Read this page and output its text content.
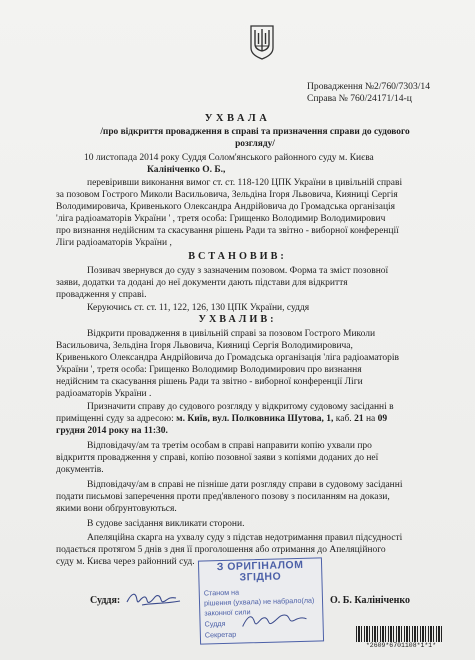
Провадження №2/760/7303/14
Справа № 760/24171/14-ц
УХВАЛА
/про відкриття провадження в справі та призначення справи до судового
розгляду/
10 листопада 2014 року Суддя Солом'янського районного суду м. Києва
Калініченко О. Б.,
перевіривши виконання вимог ст. ст. 118-120 ЦПК України в цивільній справі
за позовом Гострого Миколи Васильовича, Зельдіна Ігоря Львовича, Кияниці Сергія
Володимировича, Кривенького Олександра Андрійовича до Громадська організація
'ліга радіоаматорів України ' , третя особа: Грищенко Володимир Володимирович
про визнання недійсним та скасування рішень Ради та звітно - виборної конференції
Ліги радіоаматорів України ,
ВСТАНОВИВ:
Позивач звернувся до суду з зазначеним позовом. Форма та зміст позовної
заяви, додатки та додані до неї документи дають підстави для відкриття
провадження у справі.
Керуючись ст. ст. 11, 122, 126, 130 ЦПК України, суддя
УХВАЛИВ:
Відкрити провадження в цивільній справі за позовом Гострого Миколи
Васильовича, Зельдіна Ігоря Львовича, Кияниці Сергія Володимировича,
Кривенького Олександра Андрійовича до Громадська організація 'ліга радіоаматорів
України ', третя особа: Грищенко Володимир Володимирович про визнання
недійсним та скасування рішень Ради та звітно - виборної конференції Ліги
радіоаматорів України .
Призначити справу до судового розгляду у відкритому судовому засіданні в
приміщенні суду за адресою: м. Київ, вул. Полковника Шутова, 1, каб. 21 на 09
грудня 2014 року на 11:30.
Відповідачу/ам та третім особам в справі направити копію ухвали про
відкриття провадження у справі, копію позовної заяви з копіями доданих до неї
документів.
Відповідачу/ам в справі не пізніше дати розгляду справи в судовому засіданні
подати письмові заперечення проти пред'явленого позову з посиланням на докази,
якими вони обґрунтовуються.
В судове засідання викликати сторони.
Апеляційна скарга на ухвалу суду з підстав недотримання правил підсудності
подається протягом 5 днів з дня її проголошення або отримання до Апеляційного
суду м. Києва через районний суд.
Суддя:	О. Б. Калініченко
З ОРИГІНАЛОМ
ЗГІДНО
Станом на
рішення (ухвала) не набрало(ла)
законної сили
Суддя
Секретар
*2609*6701108*1*1*
